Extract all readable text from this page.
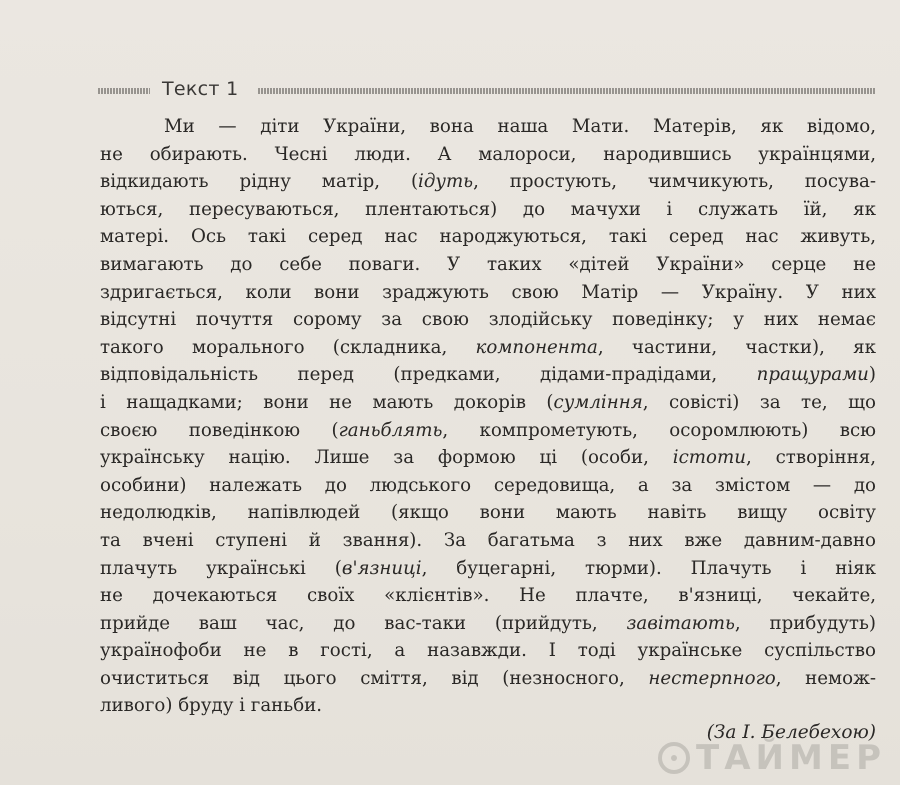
Текст 1
Ми — діти України, вона наша Мати. Матерів, як відомо,
не обирають. Чесні люди. А малороси, народившись українцями,
відкидають рідну матір, (ідуть, простують, чимчикують, посува-
ються, пересуваються, плентаються) до мачухи і служать їй, як
матері. Ось такі серед нас народжуються, такі серед нас живуть,
вимагають до себе поваги. У таких «дітей України» серце не
здригається, коли вони зраджують свою Матір — Україну. У них
відсутні почуття сорому за свою злодійську поведінку; у них немає
такого морального (складника, компонента, частини, частки), як
відповідальність перед (предками, дідами-прадідами, пращурами)
і нащадками; вони не мають докорів (сумління, совісті) за те, що
своєю поведінкою (ганьблять, компрометують, осоромлюють) всю
українську націю. Лише за формою ці (особи, істоти, створіння,
особини) належать до людського середовища, а за змістом — до
недолюдків, напівлюдей (якщо вони мають навіть вищу освіту
та вчені ступені й звання). За багатьма з них вже давним-давно
плачуть українські (в'язниці, буцегарні, тюрми). Плачуть і ніяк
не дочекаються своїх «клієнтів». Не плачте, в'язниці, чекайте,
прийде ваш час, до вас-таки (прийдуть, завітають, прибудуть)
українофоби не в гості, а назавжди. І тоді українське суспільство
очиститься від цього сміття, від (незносного, нестерпного, немож-
ливого) бруду і ганьби.
(За І. Белебехою)
ТАЙМЕР
